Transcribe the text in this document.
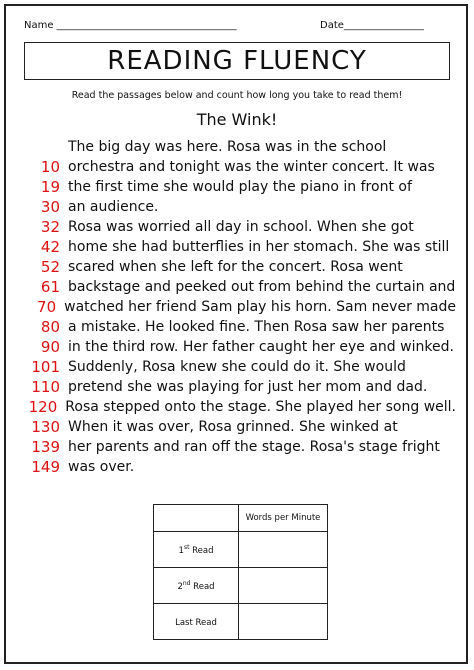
Name ____________________________________	Date________________
READING FLUENCY
Read the passages below and count how long you take to read them!
The Wink!
The big day was here. Rosa was in the school
10 orchestra and tonight was the winter concert. It was
19 the first time she would play the piano in front of
30 an audience.
32 Rosa was worried all day in school. When she got
42 home she had butterflies in her stomach. She was still
52 scared when she left for the concert. Rosa went
61 backstage and peeked out from behind the curtain and
70 watched her friend Sam play his horn. Sam never made
80 a mistake. He looked fine. Then Rosa saw her parents
90 in the third row. Her father caught her eye and winked.
101 Suddenly, Rosa knew she could do it. She would
110 pretend she was playing for just her mom and dad.
120 Rosa stepped onto the stage. She played her song well.
130 When it was over, Rosa grinned. She winked at
139 her parents and ran off the stage. Rosa's stage fright
149 was over.
	Words per Minute
1st Read	
2nd Read	
Last Read	
